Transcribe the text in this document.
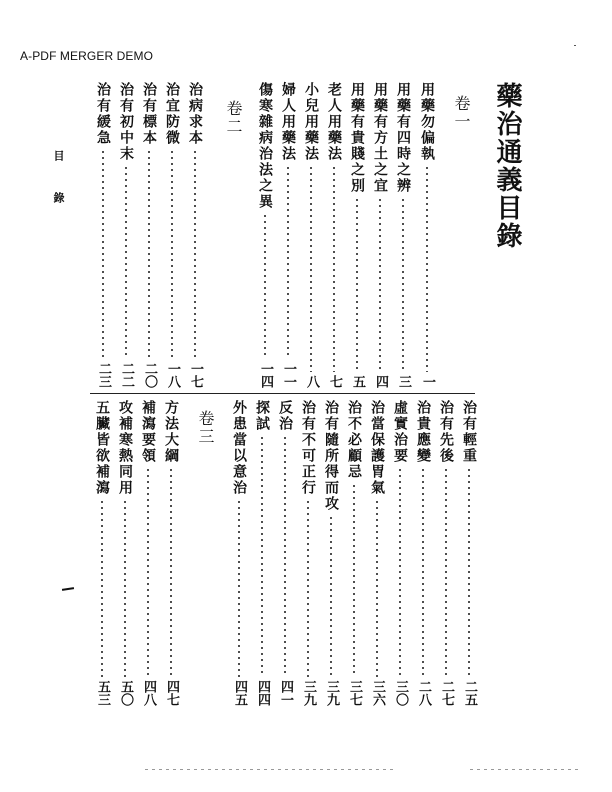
A-PDF MERGER DEMO
藥治通義目錄
目
錄
卷一
用藥勿偏執
一
用藥有四時之辨
三
用藥有方土之宜
四
用藥有貴賤之別
五
老人用藥法
七
小兒用藥法
八
婦人用藥法
一一
傷寒雜病治法之異
一四
卷二
治病求本
一七
治宜防微
一八
治有標本
二〇
治有初中末
二二
治有緩急
二三
治有輕重
二五
治有先後
二七
治貴應變
二八
虛實治要
三〇
治當保護胃氣
三六
治不必顧忌
三七
治有隨所得而攻
三九
治有不可正行
三九
反治
四一
探試
四四
外患當以意治
四五
卷三
方法大綱
四七
補瀉要領
四八
攻補寒熱同用
五〇
五臟皆欲補瀉
五三
